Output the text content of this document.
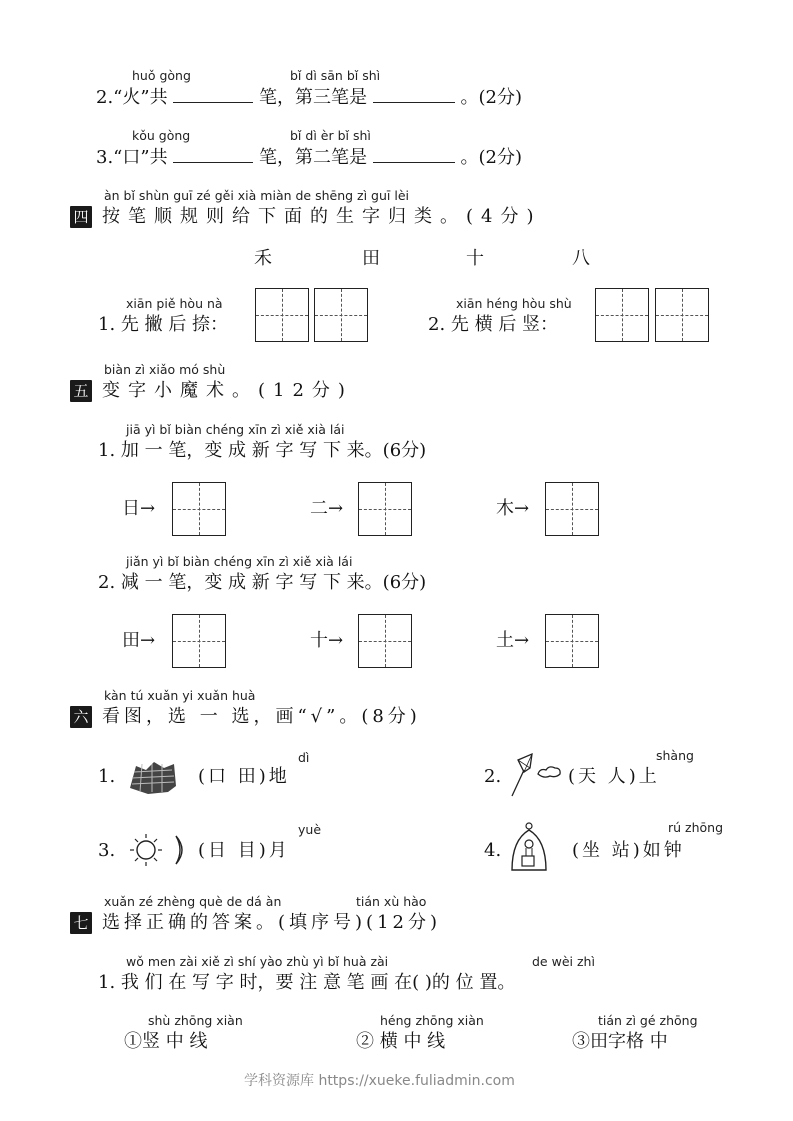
huǒ gòng	bǐ dì sān bǐ shì
2.“火”共	笔，第三笔是	。(2分)
kǒu gòng	bǐ dì èr bǐ shì
3.“口”共	笔，第二笔是	。(2分)
àn bǐ shùn guī zé gěi xià miàn de shēng zì guī lèi
四 按笔顺规则给下面的生字归类。(4分)
禾	田	十	八
xiān piě hòu nà
1. 先 撇 后 捺：
xiān héng hòu shù
2. 先 横 后 竖：
biàn zì xiǎo mó shù
五 变字小魔术。(12分)
jiā yì bǐ biàn chéng xīn zì xiě xià lái
1. 加 一 笔，变 成 新 字 写 下 来。(6分)
日→	二→	木→
jiǎn yì bǐ biàn chéng xīn zì xiě xià lái
2. 减 一 笔，变 成 新 字 写 下 来。(6分)
田→	十→	土→
kàn tú xuǎn yi xuǎn huà
六 看图，选 一 选，画“√”。(8分)
1.
dì
(口 田)地	2.
shàng
(天 人)上
3.
yuè
(日 目)月	4.
rú zhōng
(坐 站)如钟
xuǎn zé zhèng què de dá àn	tián xù hào
七 选择正确的答案。(填序号)(12分)
wǒ men zài xiě zì shí yào zhù yì bǐ huà zài	de wèi zhì
1. 我 们 在 写 字 时，要 注 意 笔 画 在( )的 位 置。
shù zhōng xiàn
①竖 中 线
héng zhōng xiàn
② 横 中 线
tián zì gé zhōng
③田字格 中
学科资源库 https://xueke.fuliadmin.com
